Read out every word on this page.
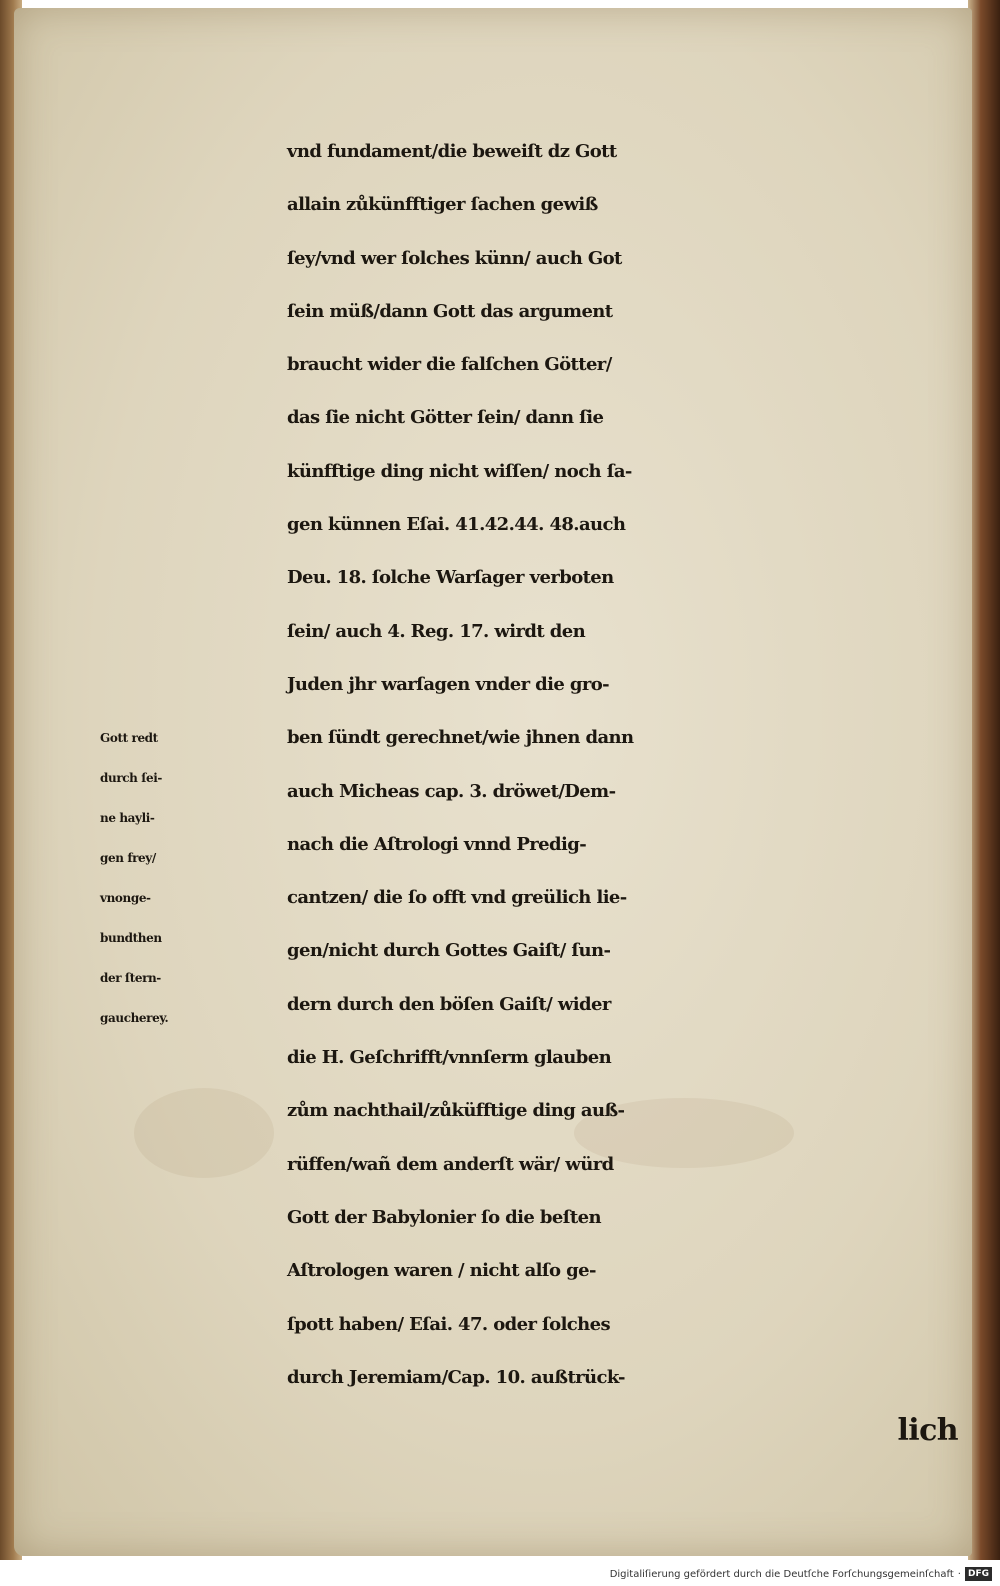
Gott redt
durch ſei-
ne hayli-
gen frey/
vnonge-
bundthen
der ſtern-
gaucherey.
vnd fundament/die beweiſt dz Gott
allain zůkünfftiger ſachen gewiß
ſey/vnd wer ſolches künn/ auch Got
ſein müß/dann Gott das argument
braucht wider die falſchen Götter/
das ſie nicht Götter ſein/ dann ſie
künfftige ding nicht wiſſen/ noch ſa-
gen künnen Eſai. 41.42.44. 48.auch
Deu. 18. ſolche Warſager verboten
ſein/ auch 4. Reg. 17. wirdt den
Juden jhr warſagen vnder die gro-
ben ſündt gerechnet/wie jhnen dann
auch Micheas cap. 3. dröwet/Dem-
nach die Aſtrologi vnnd Predig-
cantzen/ die ſo offt vnd greülich lie-
gen/nicht durch Gottes Gaiſt/ ſun-
dern durch den böſen Gaiſt/ wider
die H. Geſchrifft/vnnſerm glauben
zům nachthail/zůküfftige ding auß-
rüffen/wañ dem anderſt wär/ würd
Gott der Babylonier ſo die beſten
Aſtrologen waren / nicht alſo ge-
ſpott haben/ Eſai. 47. oder ſolches
durch Jeremiam/Cap. 10. außtrück-
lich
Digitaliſierung gefördert durch die Deutſche Forſchungsgemeinſchaft · DFG
